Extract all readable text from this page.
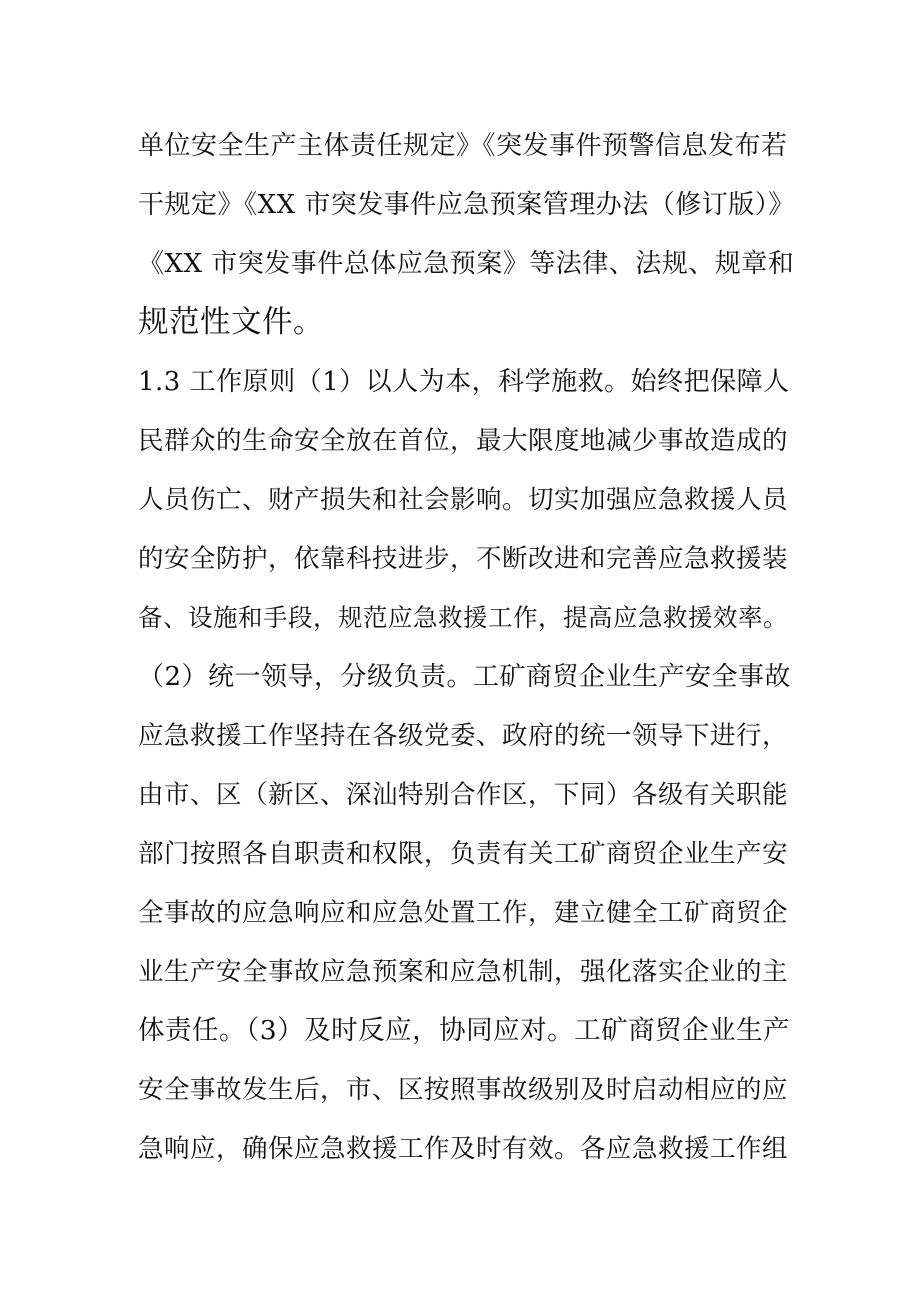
单位安全生产主体责任规定》《突发事件预警信息发布若
干规定》《XX 市突发事件应急预案管理办法（修订版）》
《XX 市突发事件总体应急预案》等法律、法规、规章和
规范性文件。
1.3 工作原则（1）以人为本，科学施救。始终把保障人
民群众的生命安全放在首位，最大限度地减少事故造成的
人员伤亡、财产损失和社会影响。切实加强应急救援人员
的安全防护，依靠科技进步，不断改进和完善应急救援装
备、设施和手段，规范应急救援工作，提高应急救援效率。
（2）统一领导，分级负责。工矿商贸企业生产安全事故
应急救援工作坚持在各级党委、政府的统一领导下进行，
由市、区（新区、深汕特别合作区，下同）各级有关职能
部门按照各自职责和权限，负责有关工矿商贸企业生产安
全事故的应急响应和应急处置工作，建立健全工矿商贸企
业生产安全事故应急预案和应急机制，强化落实企业的主
体责任。（3）及时反应，协同应对。工矿商贸企业生产
安全事故发生后，市、区按照事故级别及时启动相应的应
急响应，确保应急救援工作及时有效。各应急救援工作组
